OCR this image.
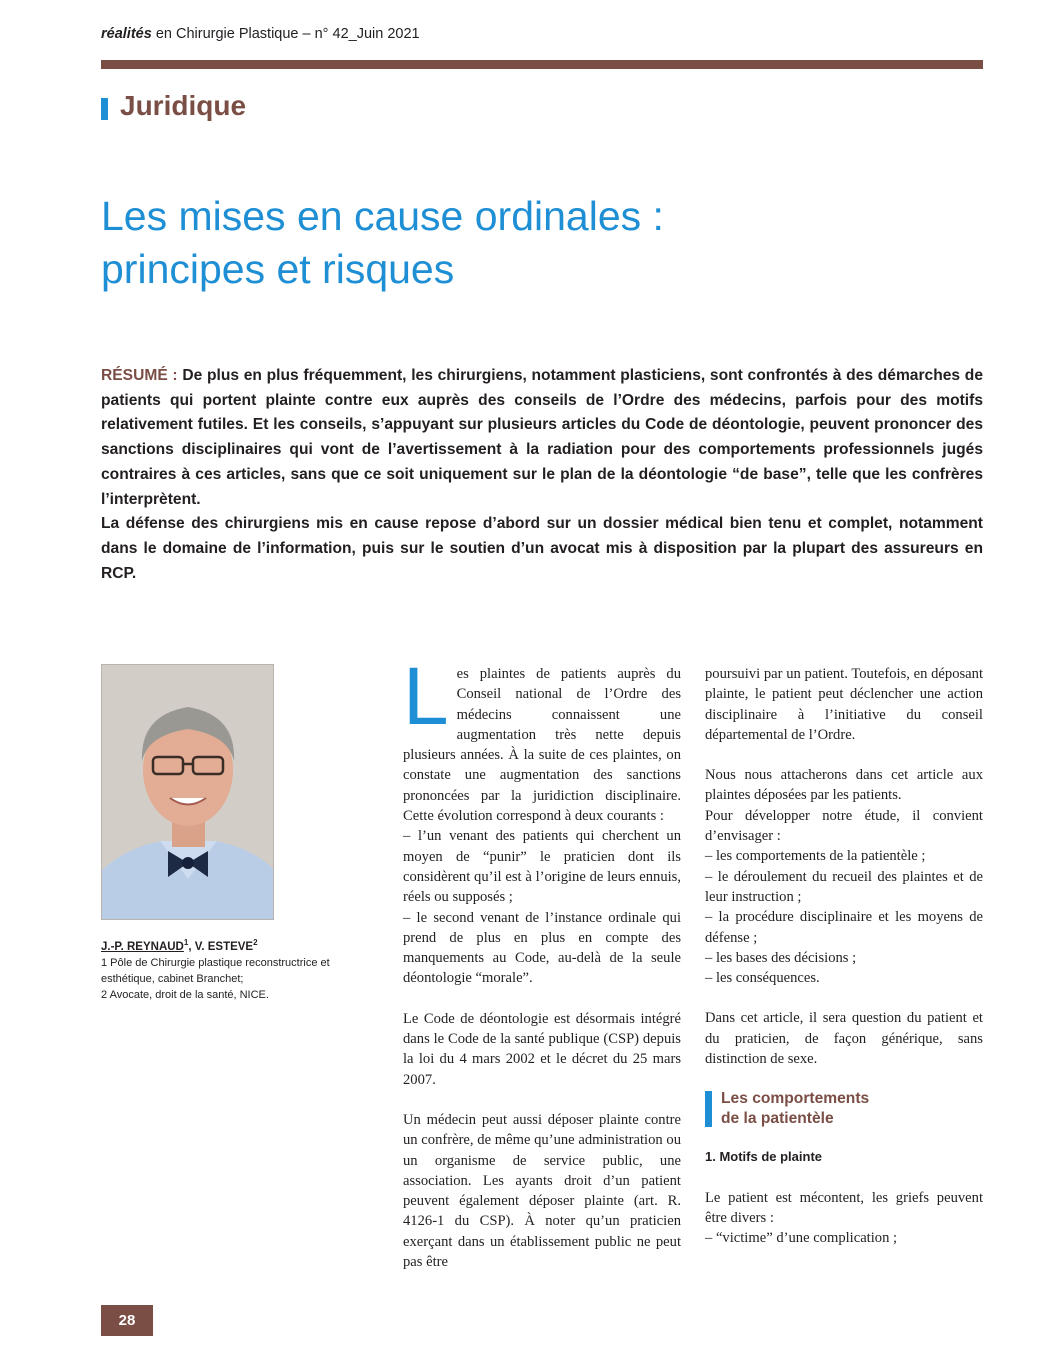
réalités en Chirurgie Plastique – n° 42_Juin 2021
Juridique
Les mises en cause ordinales :
principes et risques

RÉSUMÉ : De plus en plus fréquemment, les chirurgiens, notamment plasticiens, sont confrontés à des démarches de patients qui portent plainte contre eux auprès des conseils de l’Ordre des médecins, parfois pour des motifs relativement futiles. Et les conseils, s’appuyant sur plusieurs articles du Code de déontologie, peuvent prononcer des sanctions disciplinaires qui vont de l’avertissement à la radiation pour des comportements professionnels jugés contraires à ces articles, sans que ce soit uniquement sur le plan de la déontologie “de base”, telle que les confrères l’interprètent.

La défense des chirurgiens mis en cause repose d’abord sur un dossier médical bien tenu et complet, notamment dans le domaine de l’information, puis sur le soutien d’un avocat mis à disposition par la plupart des assureurs en RCP.

J.-P. REYNAUD$^1$, V. ESTEVE$^2$
1 Pôle de Chirurgie plastique reconstructrice et esthétique, cabinet Branchet;
2 Avocate, droit de la santé, NICE.

Les plaintes de patients auprès du Conseil national de l’Ordre des médecins connaissent une augmentation très nette depuis plusieurs années. À la suite de ces plaintes, on constate une augmentation des sanctions prononcées par la juridiction disciplinaire. Cette évolution correspond à deux courants :

– l’un venant des patients qui cherchent un moyen de “punir” le praticien dont ils considèrent qu’il est à l’origine de leurs ennuis, réels ou supposés ;

– le second venant de l’instance ordinale qui prend de plus en plus en compte des manquements au Code, au-delà de la seule déontologie “morale”.

Le Code de déontologie est désormais intégré dans le Code de la santé publique (CSP) depuis la loi du 4 mars 2002 et le décret du 25 mars 2007.

Un médecin peut aussi déposer plainte contre un confrère, de même qu’une administration ou un organisme de service public, une association. Les ayants droit d’un patient peuvent également déposer plainte (art. R. 4126-1 du CSP). À noter qu’un praticien exerçant dans un établissement public ne peut pas être

poursuivi par un patient. Toutefois, en déposant plainte, le patient peut déclencher une action disciplinaire à l’initiative du conseil départemental de l’Ordre.

Nous nous attacherons dans cet article aux plaintes déposées par les patients.

Pour développer notre étude, il convient d’envisager :

– les comportements de la patientèle ;
– le déroulement du recueil des plaintes et de leur instruction ;
– la procédure disciplinaire et les moyens de défense ;
– les bases des décisions ;
– les conséquences.

Dans cet article, il sera question du patient et du praticien, de façon générique, sans distinction de sexe.

Les comportements
de la patientèle
1. Motifs de plainte

Le patient est mécontent, les griefs peuvent être divers :

– “victime” d’une complication ;

28
